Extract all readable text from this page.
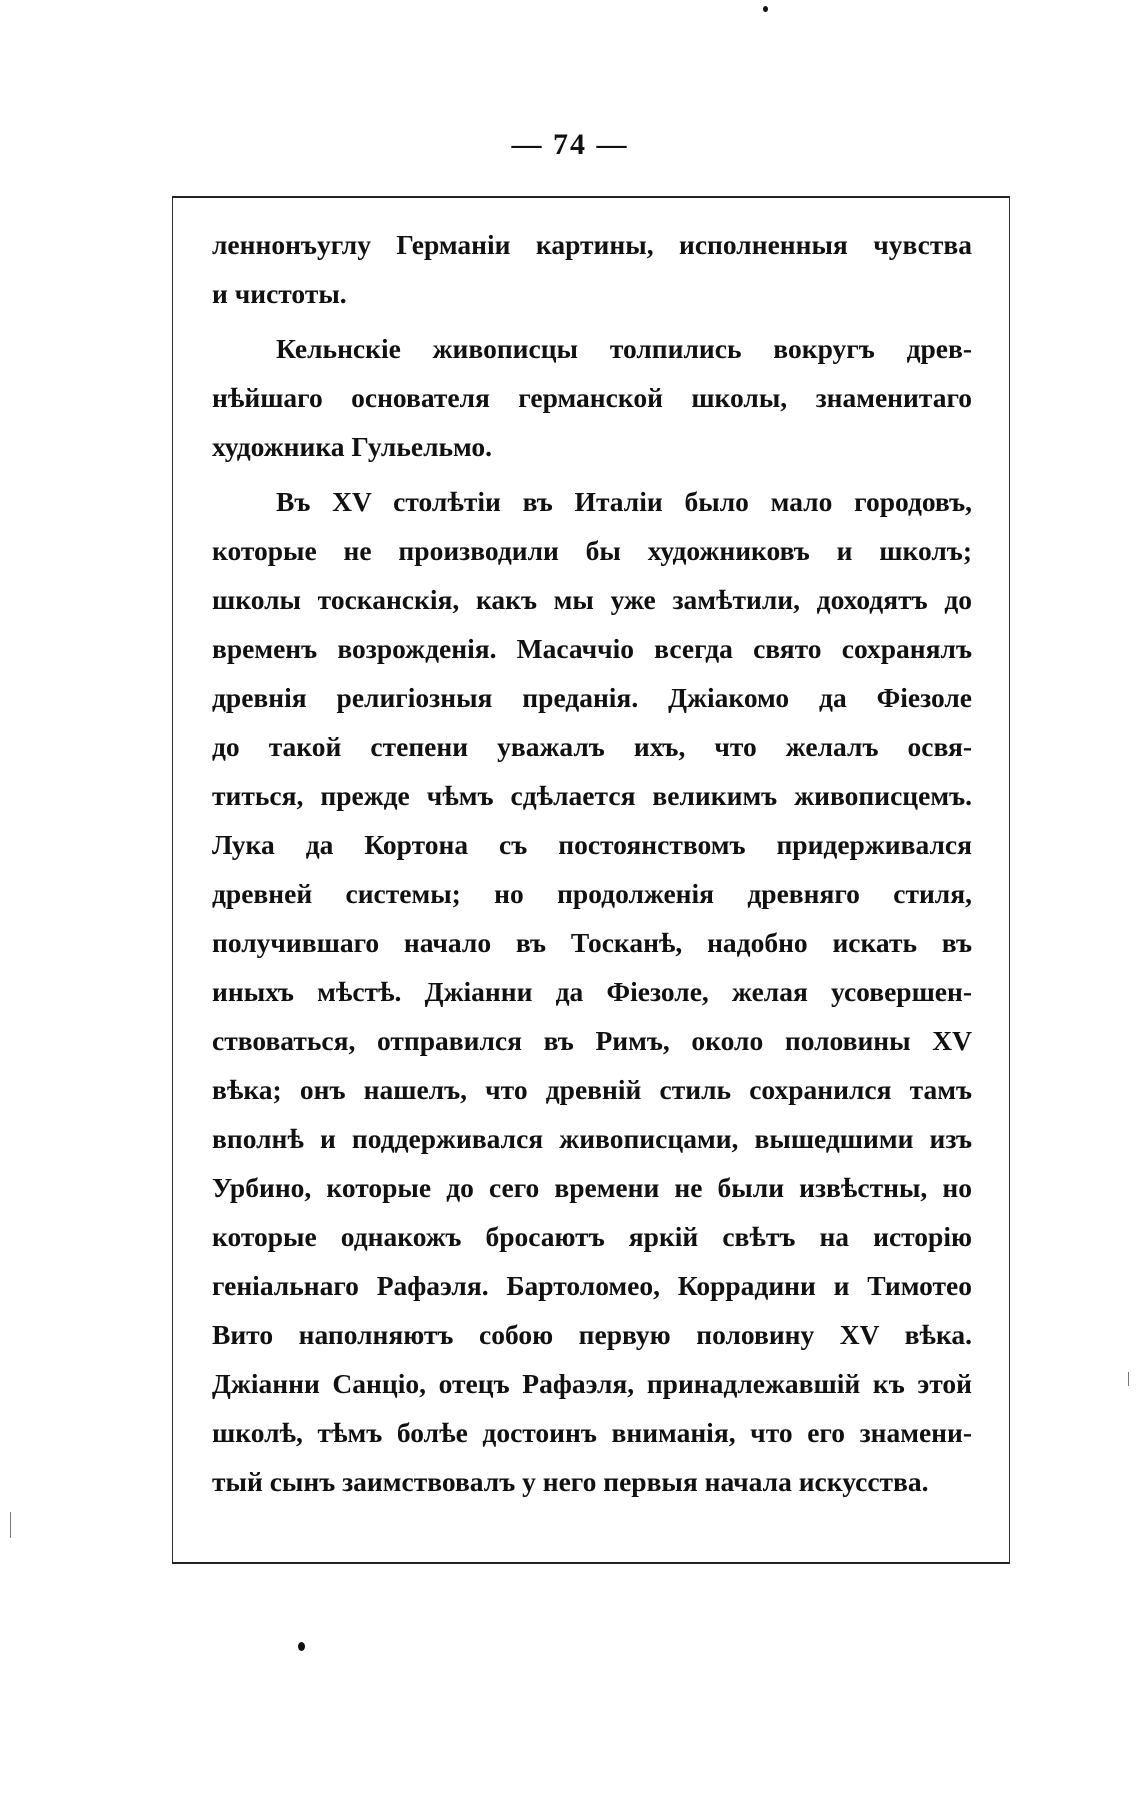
— 74 —
леннонъуглу Германіи картины, исполненныя чувства
и чистоты.
Кельнскіе живописцы толпились вокругъ древ-
нѣйшаго основателя германской школы, знаменитаго
художника Гульельмо.
Въ XV столѣтіи въ Италіи было мало городовъ,
которые не производили бы художниковъ и школъ;
школы тосканскія, какъ мы уже замѣтили, доходятъ до
временъ возрожденія. Масаччіо всегда свято сохранялъ
древнія религіозныя преданія. Джіакомо да Фіезоле
до такой степени уважалъ ихъ, что желалъ освя-
титься, прежде чѣмъ сдѣлается великимъ живописцемъ.
Лука да Кортона съ постоянствомъ придерживался
древней системы; но продолженія древняго стиля,
получившаго начало въ Тосканѣ, надобно искать въ
иныхъ мѣстѣ. Джіанни да Фіезоле, желая усовершен-
ствоваться, отправился въ Римъ, около половины XV
вѣка; онъ нашелъ, что древній стиль сохранился тамъ
вполнѣ и поддерживался живописцами, вышедшими изъ
Урбино, которые до сего времени не были извѣстны, но
которые однакожъ бросаютъ яркій свѣтъ на исторію
геніальнаго Рафаэля. Бартоломео, Коррадини и Тимотео
Вито наполняютъ собою первую половину XV вѣка.
Джіанни Санціо, отецъ Рафаэля, принадлежавшій къ этой
школѣ, тѣмъ болѣе достоинъ вниманія, что его знамени-
тый сынъ заимствовалъ у него первыя начала искусства.
